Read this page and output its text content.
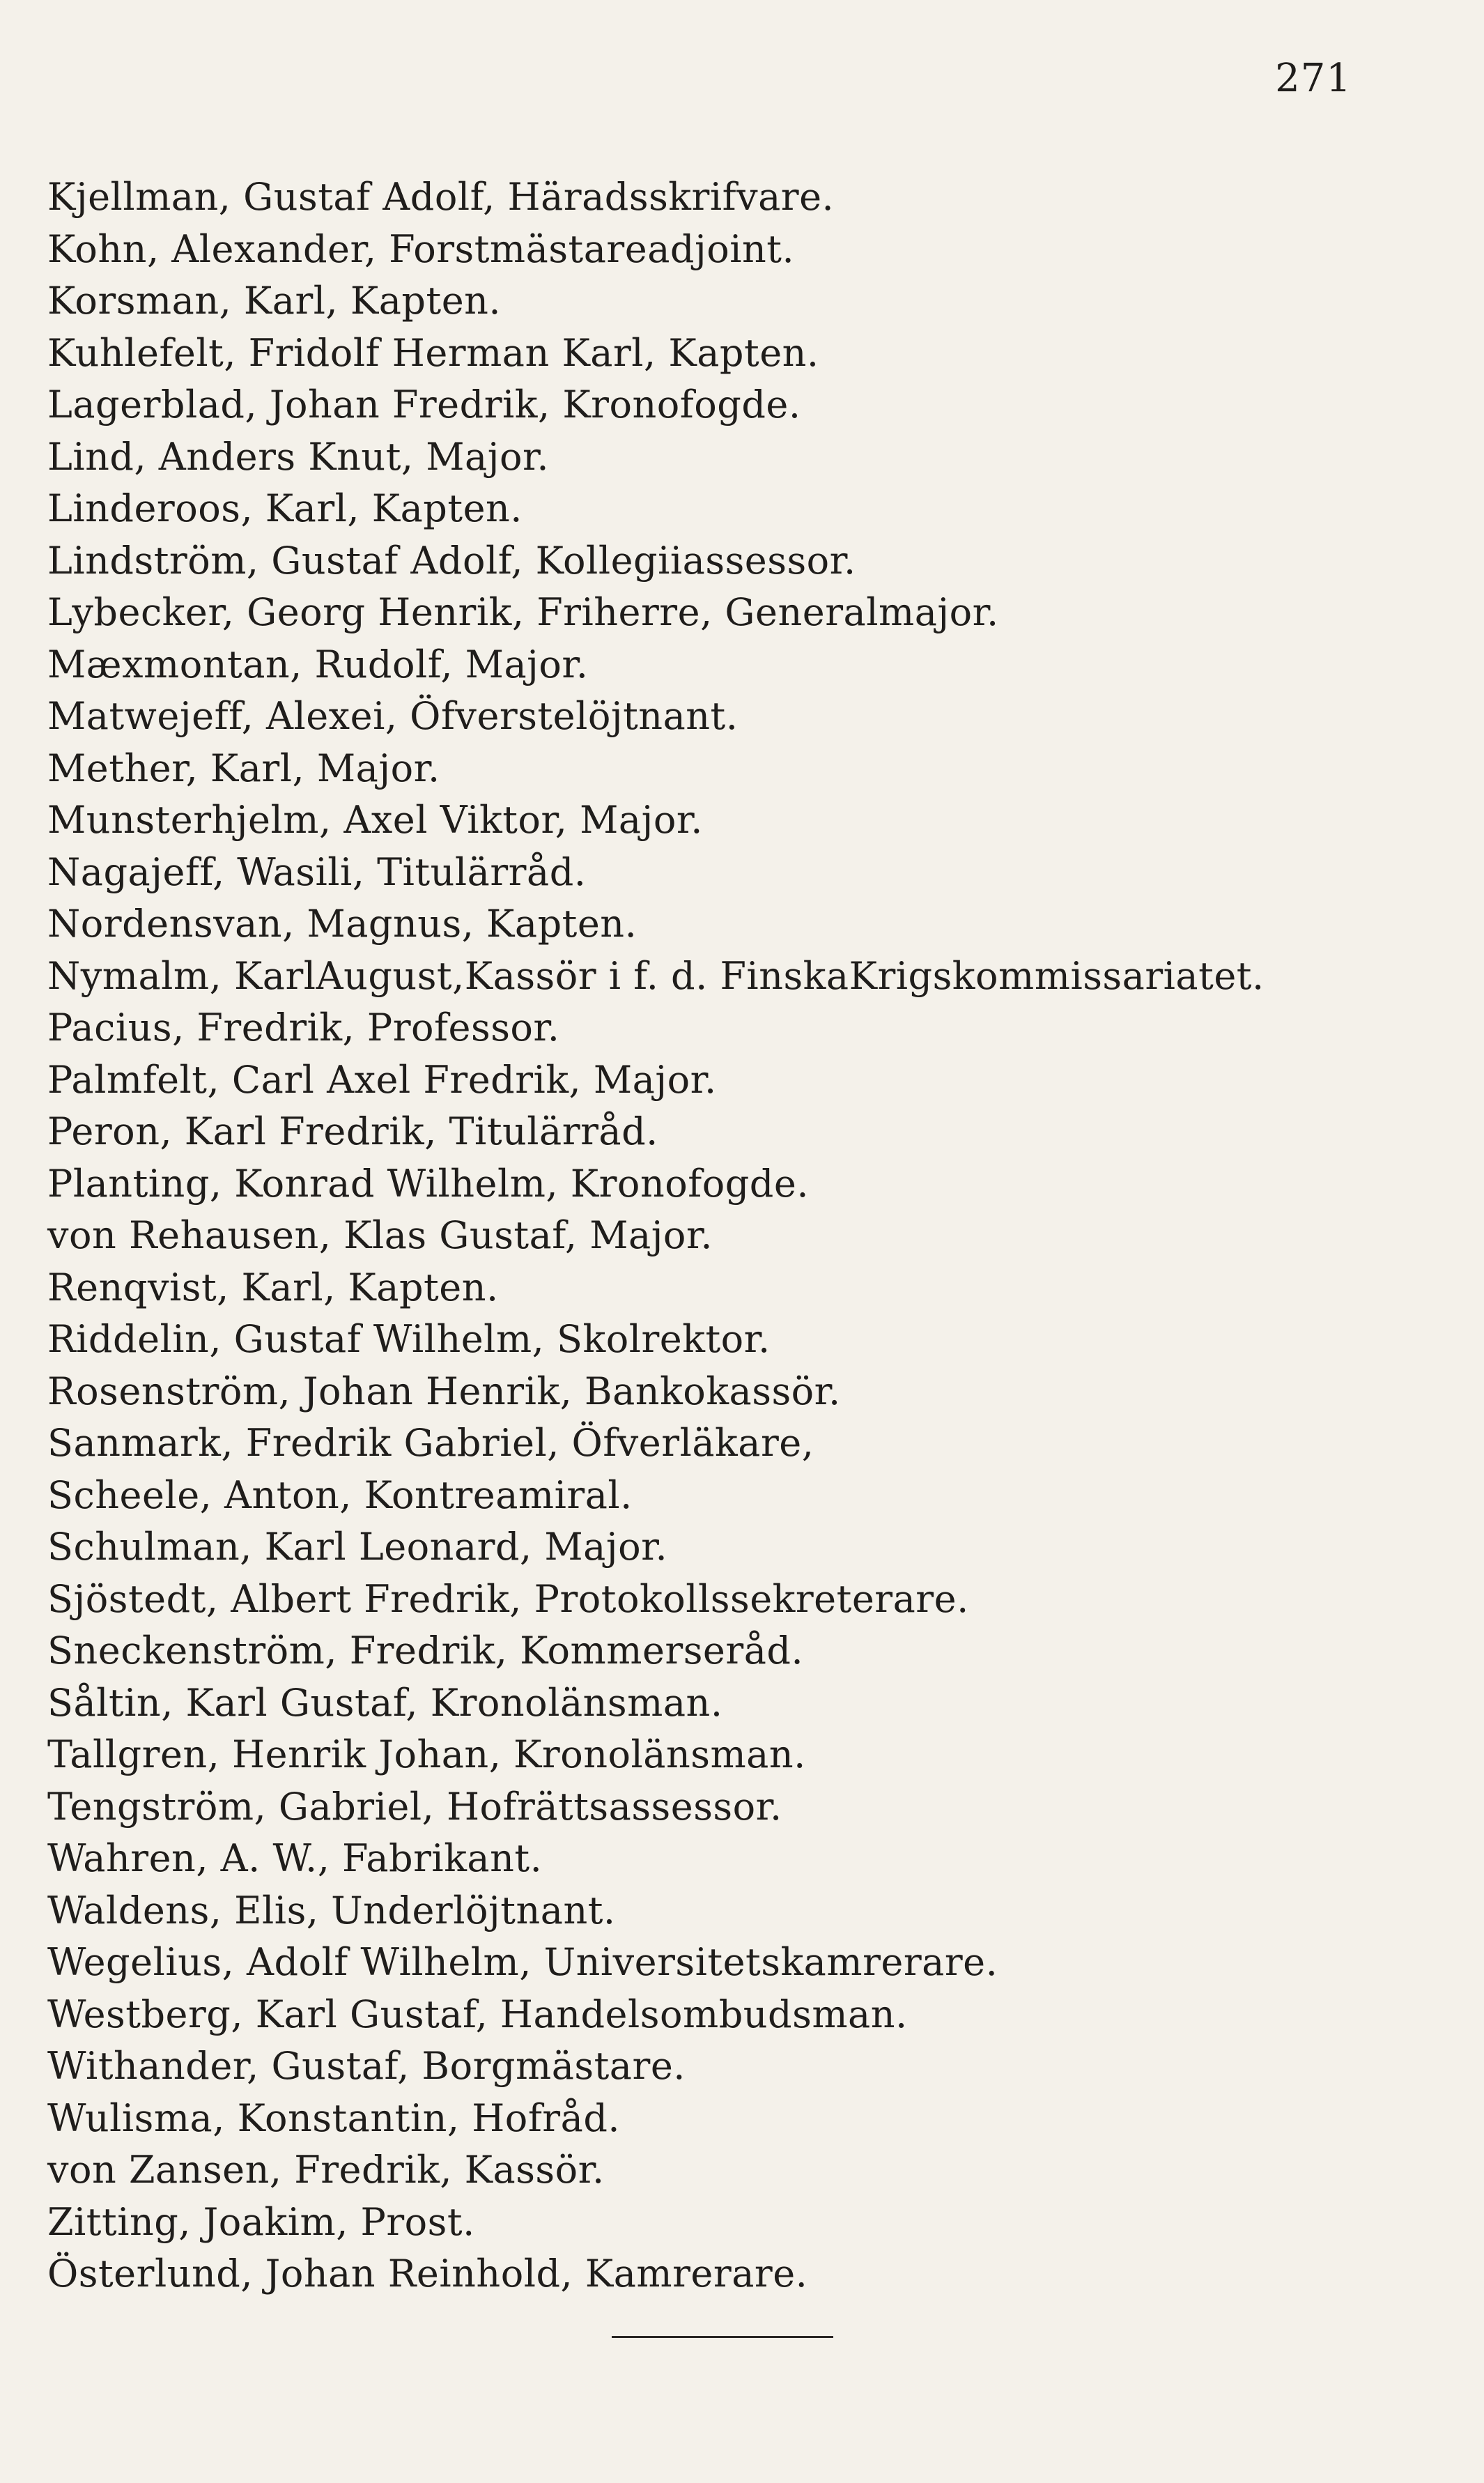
271
Kjellman, Gustaf Adolf, Häradsskrifvare.
Kohn, Alexander, Forstmästareadjoint.
Korsman, Karl, Kapten.
Kuhlefelt, Fridolf Herman Karl, Kapten.
Lagerblad, Johan Fredrik, Kronofogde.
Lind, Anders Knut, Major.
Linderoos, Karl, Kapten.
Lindström, Gustaf Adolf, Kollegiiassessor.
Lybecker, Georg Henrik, Friherre, Generalmajor.
Mæxmontan, Rudolf, Major.
Matwejeff, Alexei, Öfverstelöjtnant.
Mether, Karl, Major.
Munsterhjelm, Axel Viktor, Major.
Nagajeff, Wasili, Titulärråd.
Nordensvan, Magnus, Kapten.
Nymalm, KarlAugust,Kassör i f. d. FinskaKrigskommissariatet.
Pacius, Fredrik, Professor.
Palmfelt, Carl Axel Fredrik, Major.
Peron, Karl Fredrik, Titulärråd.
Planting, Konrad Wilhelm, Kronofogde.
von Rehausen, Klas Gustaf, Major.
Renqvist, Karl, Kapten.
Riddelin, Gustaf Wilhelm, Skolrektor.
Rosenström, Johan Henrik, Bankokassör.
Sanmark, Fredrik Gabriel, Öfverläkare,
Scheele, Anton, Kontreamiral.
Schulman, Karl Leonard, Major.
Sjöstedt, Albert Fredrik, Protokollssekreterare.
Sneckenström, Fredrik, Kommerseråd.
Såltin, Karl Gustaf, Kronolänsman.
Tallgren, Henrik Johan, Kronolänsman.
Tengström, Gabriel, Hofrättsassessor.
Wahren, A. W., Fabrikant.
Waldens, Elis, Underlöjtnant.
Wegelius, Adolf Wilhelm, Universitetskamrerare.
Westberg, Karl Gustaf, Handelsombudsman.
Withander, Gustaf, Borgmästare.
Wulisma, Konstantin, Hofråd.
von Zansen, Fredrik, Kassör.
Zitting, Joakim, Prost.
Österlund, Johan Reinhold, Kamrerare.
